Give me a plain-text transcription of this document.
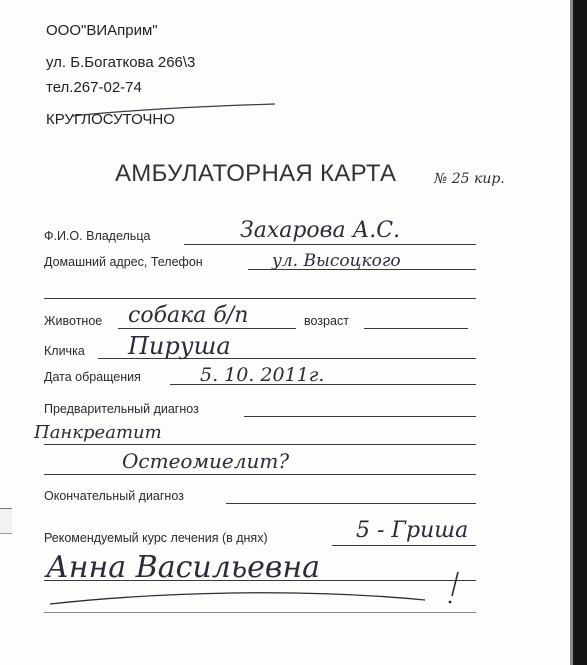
ООО"ВИАприм"
ул. Б.Богаткова 266\3
тел.267-02-74
КРУГЛОСУТОЧНО
АМБУЛАТОРНАЯ КАРТА	№ 25 кир.
Ф.И.О. Владельца	Захарова А.С.
Домашний адрес, Телефон	ул. Высоцкого
Животное собака б/п	возраст
Кличка Пируша
Дата обращения	5. 10. 2011г.
Предварительный диагноз
Панкреатит
Остеомиелит?
Окончательный диагноз
Рекомендуемый курс лечения (в днях)	5 - Гриша
Анна Васильевна
